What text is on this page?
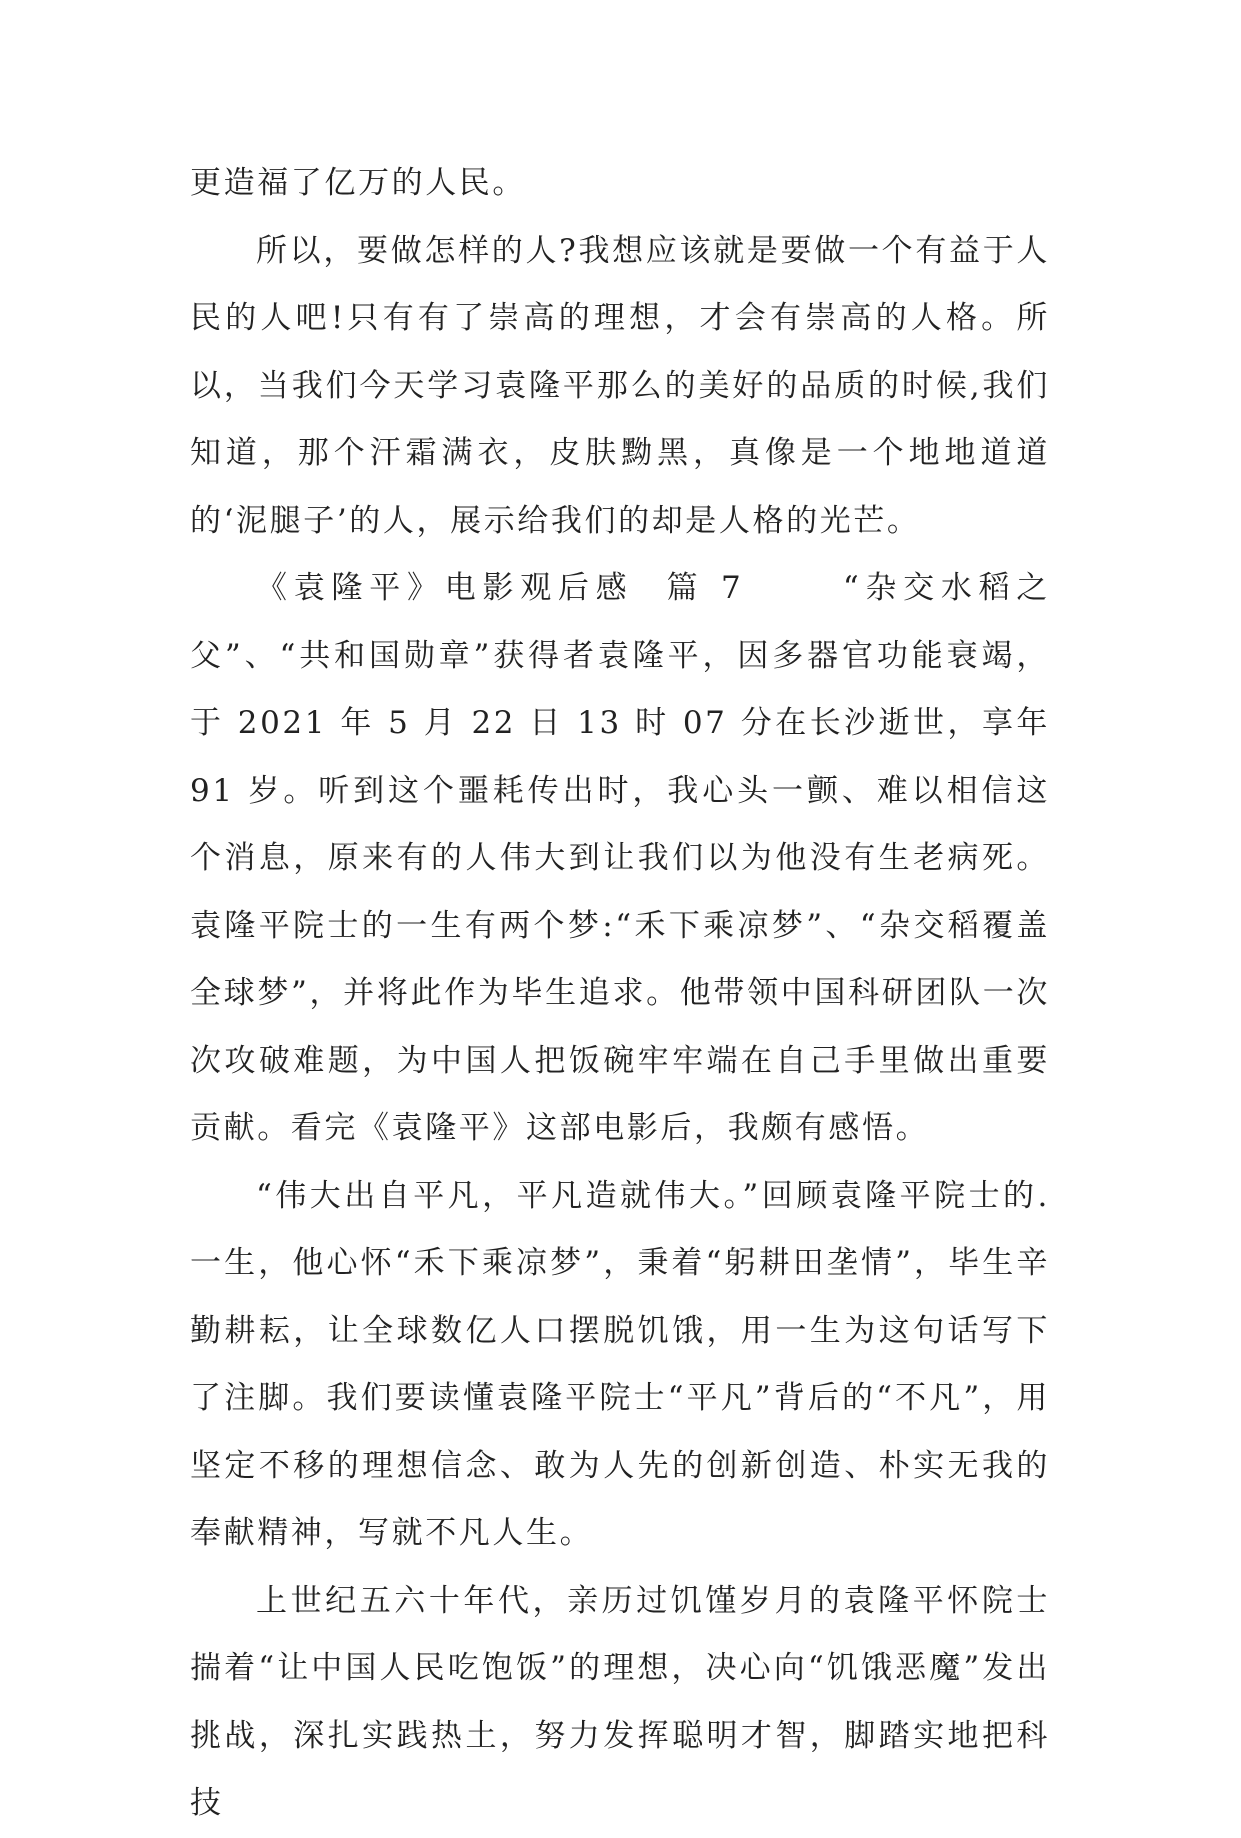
更造福了亿万的人民。

所以，要做怎样的人?我想应该就是要做一个有益于人民的人吧!只有有了崇高的理想，才会有崇高的人格。所以，当我们今天学习袁隆平那么的美好的品质的时候,我们知道，那个汗霜满衣，皮肤黝黑，真像是一个地地道道的‘泥腿子’的人，展示给我们的却是人格的光芒。

《袁隆平》电影观后感  篇 7      “杂交水稻之父”、“共和国勋章”获得者袁隆平，因多器官功能衰竭，于 2021 年 5 月 22 日 13 时 07 分在长沙逝世，享年 91 岁。听到这个噩耗传出时，我心头一颤、难以相信这个消息，原来有的人伟大到让我们以为他没有生老病死。袁隆平院士的一生有两个梦:“禾下乘凉梦”、“杂交稻覆盖全球梦”，并将此作为毕生追求。他带领中国科研团队一次次攻破难题，为中国人把饭碗牢牢端在自己手里做出重要贡献。看完《袁隆平》这部电影后，我颇有感悟。

“伟大出自平凡，平凡造就伟大。”回顾袁隆平院士的.一生，他心怀“禾下乘凉梦”，秉着“躬耕田垄情”，毕生辛勤耕耘，让全球数亿人口摆脱饥饿，用一生为这句话写下了注脚。我们要读懂袁隆平院士“平凡”背后的“不凡”，用坚定不移的理想信念、敢为人先的创新创造、朴实无我的奉献精神，写就不凡人生。

上世纪五六十年代，亲历过饥馑岁月的袁隆平怀院士揣着“让中国人民吃饱饭”的理想，决心向“饥饿恶魔”发出挑战，深扎实践热土，努力发挥聪明才智，脚踏实地把科技
